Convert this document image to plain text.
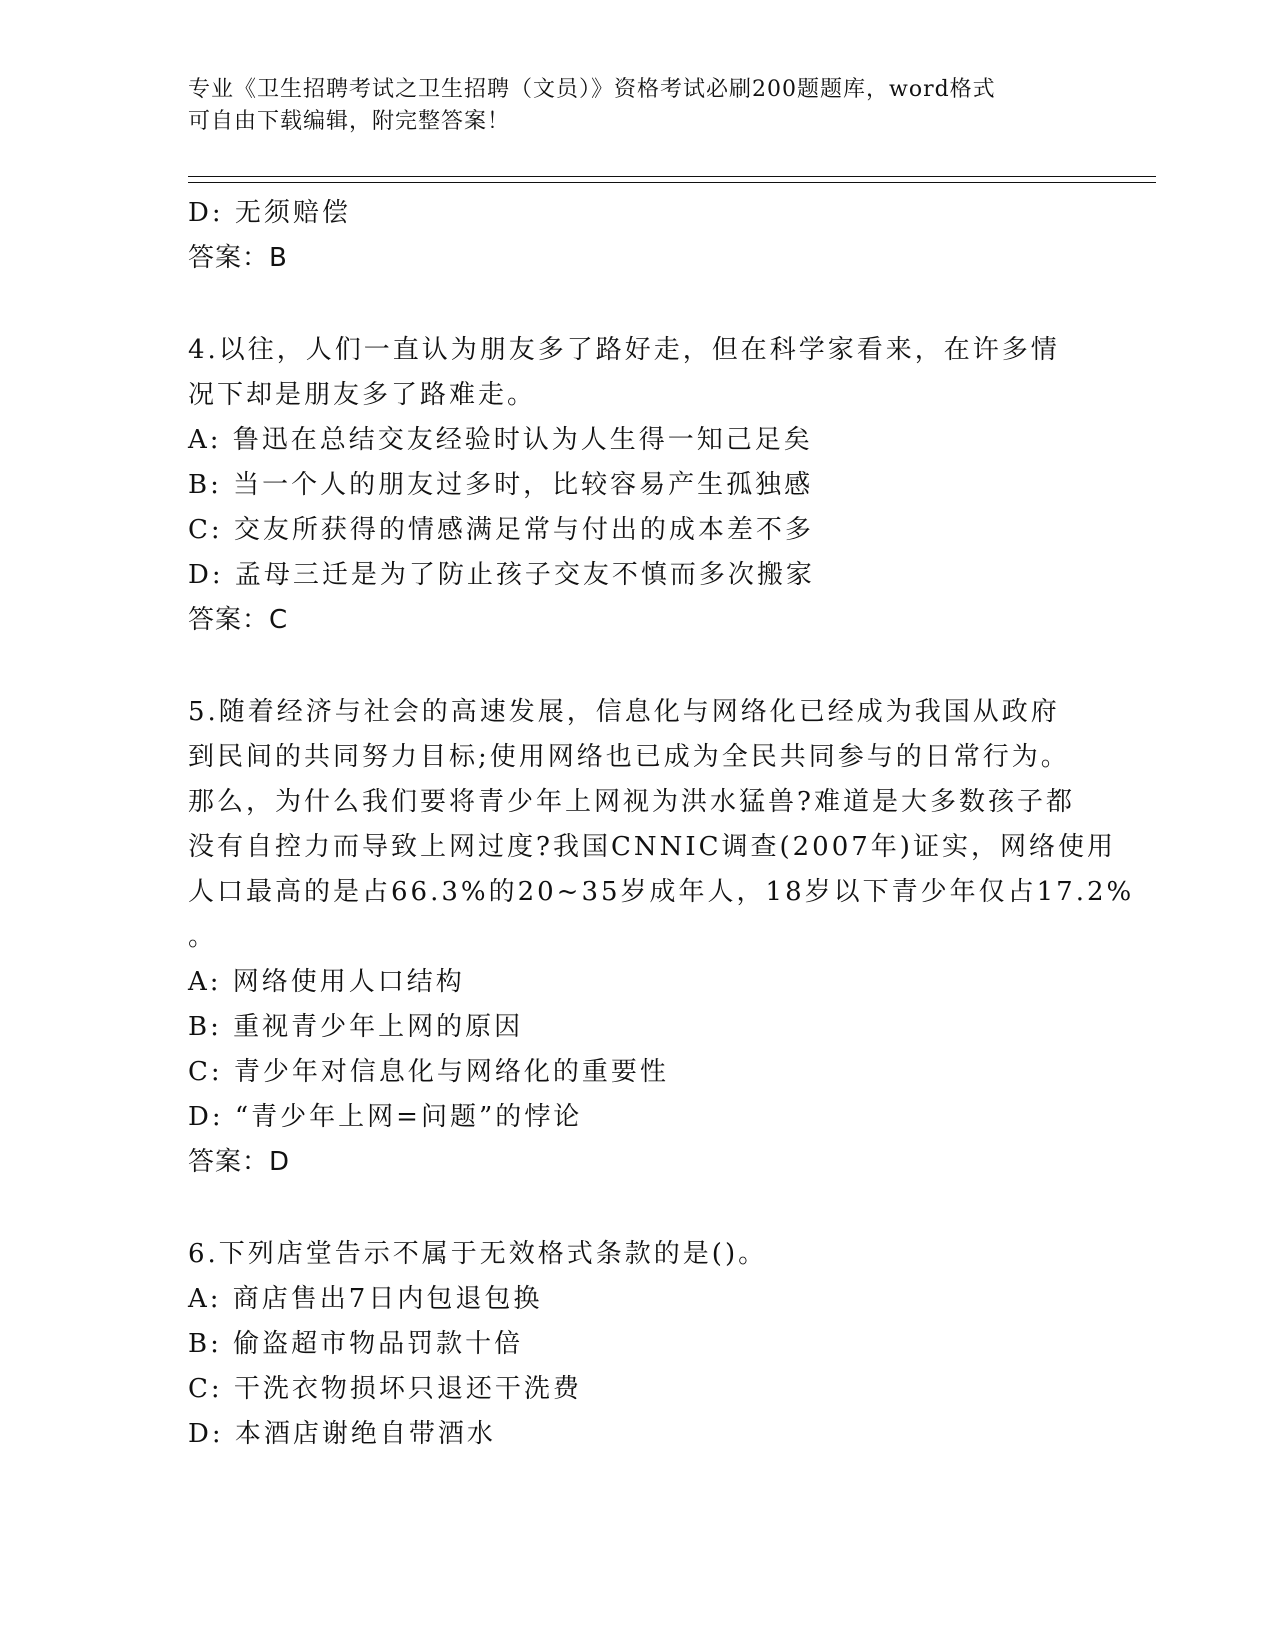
专业《卫生招聘考试之卫生招聘（文员）》资格考试必刷200题题库，word格式
可自由下载编辑，附完整答案！
D: 无须赔偿
答案：B
4.以往，人们一直认为朋友多了路好走，但在科学家看来，在许多情
况下却是朋友多了路难走。
A: 鲁迅在总结交友经验时认为人生得一知己足矣
B: 当一个人的朋友过多时，比较容易产生孤独感
C: 交友所获得的情感满足常与付出的成本差不多
D: 孟母三迁是为了防止孩子交友不慎而多次搬家
答案：C
5.随着经济与社会的高速发展，信息化与网络化已经成为我国从政府
到民间的共同努力目标;使用网络也已成为全民共同参与的日常行为。
那么，为什么我们要将青少年上网视为洪水猛兽?难道是大多数孩子都
没有自控力而导致上网过度?我国CNNIC调查(2007年)证实，网络使用
人口最高的是占66.3%的20~35岁成年人，18岁以下青少年仅占17.2%
。
A: 网络使用人口结构
B: 重视青少年上网的原因
C: 青少年对信息化与网络化的重要性
D: “青少年上网=问题”的悖论
答案：D
6.下列店堂告示不属于无效格式条款的是()。
A: 商店售出7日内包退包换
B: 偷盗超市物品罚款十倍
C: 干洗衣物损坏只退还干洗费
D: 本酒店谢绝自带酒水
